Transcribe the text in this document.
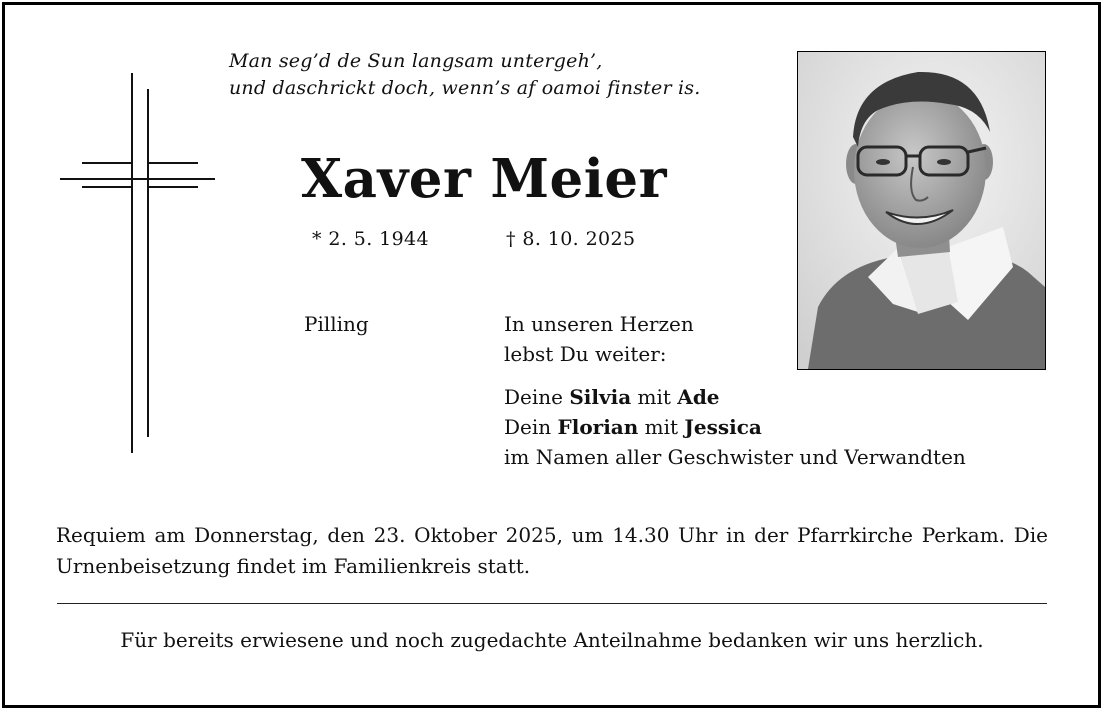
Man seg’d de Sun langsam untergeh’,
und daschrickt doch, wenn’s af oamoi finster is.
Xaver Meier
* 2. 5. 1944	† 8. 10. 2025
Pilling	In unseren Herzen
lebst Du weiter:
Deine Silvia mit Ade
Dein Florian mit Jessica
im Namen aller Geschwister und Verwandten
Requiem am Donnerstag, den 23. Oktober 2025, um 14.30 Uhr in der Pfarrkirche Perkam. Die Urnenbeisetzung findet im Familienkreis statt.
Für bereits erwiesene und noch zugedachte Anteilnahme bedanken wir uns herzlich.
